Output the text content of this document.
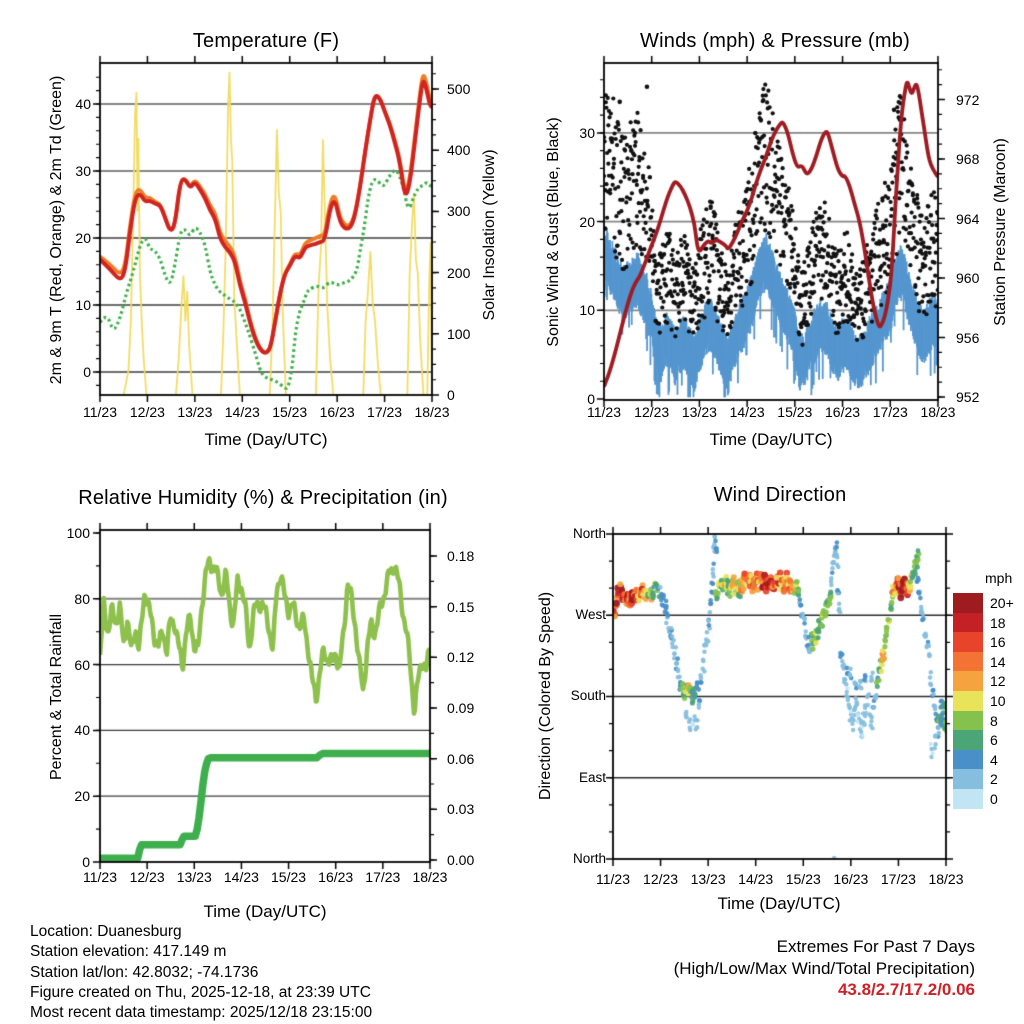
Temperature (F)	Winds (mph) & Pressure (mb)
Relative Humidity (%) & Precipitation (in)	Wind Direction
Time (Day/UTC)	Time (Day/UTC)
Time (Day/UTC)	Time (Day/UTC)
2m & 9m T (Red, Orange) & 2m Td (Green)	Solar Insolation (Yellow)	Sonic Wind & Gust (Blue, Black)	Station Pressure (Maroon)
Percent & Total Rainfall	Direction (Colored By Speed)
mph
20+
18
16
14
12
10
8
6
4
2
0
11/23 12/23 13/23 14/23 15/23 16/23 17/23 18/23	11/23 12/23 13/23 14/23 15/23 16/23 17/23 18/23
11/23 12/23 13/23 14/23 15/23 16/23 17/23 18/23	11/23 12/23 13/23 14/23 15/23 16/23 17/23 18/23
0
10
20
30
40
0
100
200
300
400
500
0
10
20
30
952
956
960
964
968
972
0
20
40
60
80
100
0.00
0.03
0.06
0.09
0.12
0.15
0.18
North
West
South
East
North
Location: Duanesburg
Station elevation: 417.149 m
Station lat/lon: 42.8032; -74.1736
Figure created on Thu, 2025-12-18, at 23:39 UTC
Most recent data timestamp: 2025/12/18 23:15:00
Extremes For Past 7 Days
(High/Low/Max Wind/Total Precipitation)
43.8/2.7/17.2/0.06
